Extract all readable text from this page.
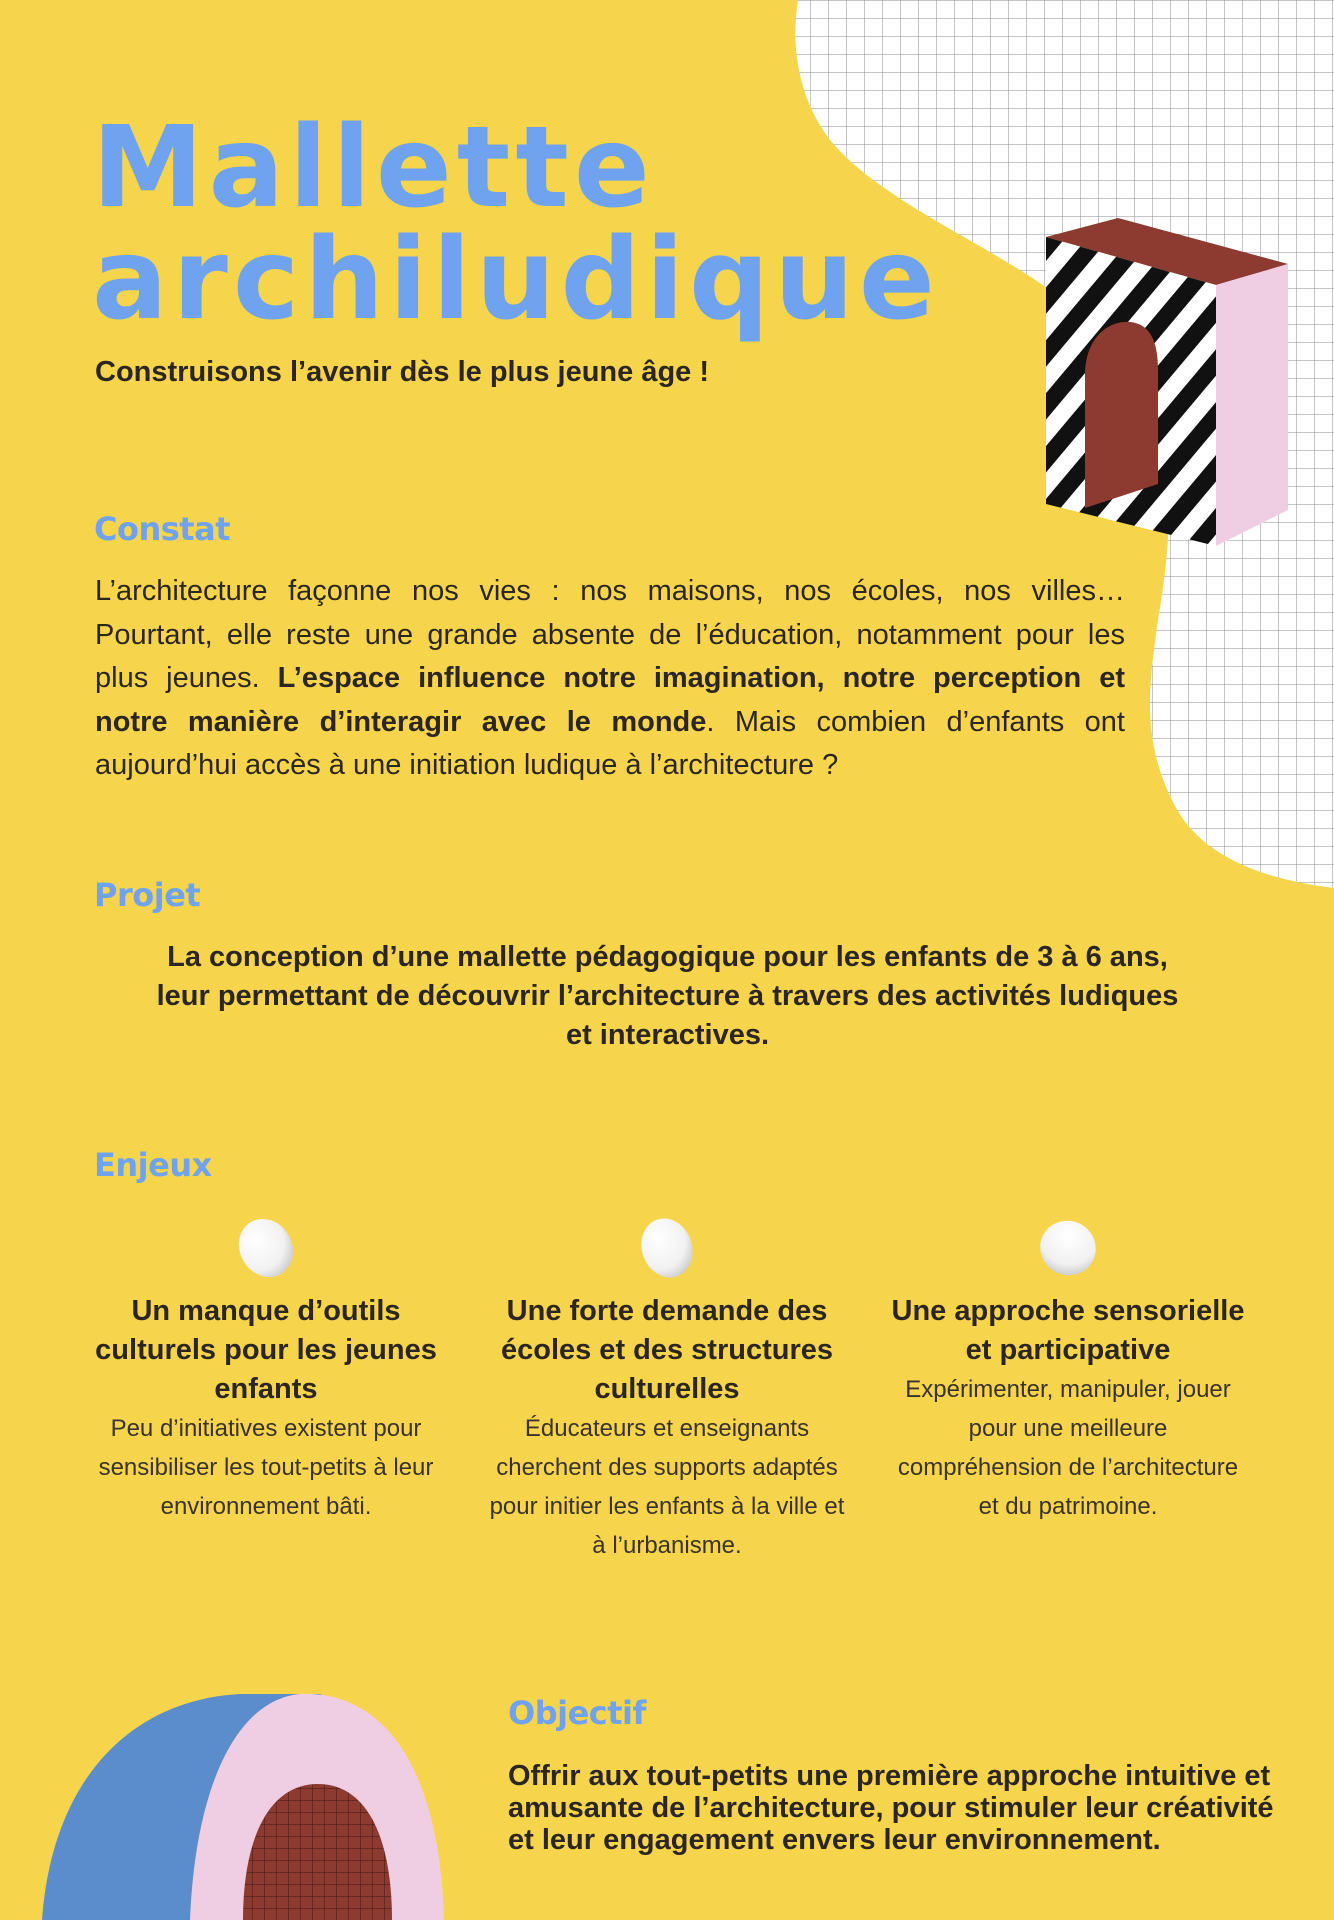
Mallette
archiludique

Construisons l’avenir dès le plus jeune âge !

Constat

L’architecture façonne nos vies : nos maisons, nos écoles, nos villes… Pourtant, elle reste une grande absente de l’éducation, notamment pour les plus jeunes. L’espace influence notre imagination, notre perception et notre manière d’interagir avec le monde. Mais combien d’enfants ont aujourd’hui accès à une initiation ludique à l’architecture ?

Projet

La conception d’une mallette pédagogique pour les enfants de 3 à 6 ans, leur permettant de découvrir l’architecture à travers des activités ludiques et interactives.

Enjeux
Un manque d’outils culturels pour les jeunes enfants

Peu d’initiatives existent pour sensibiliser les tout-petits à leur environnement bâti.

Une forte demande des écoles et des structures culturelles

Éducateurs et enseignants cherchent des supports adaptés pour initier les enfants à la ville et à l’urbanisme.

Une approche sensorielle et participative

Expérimenter, manipuler, jouer pour une meilleure compréhension de l’architecture et du patrimoine.

Objectif

Offrir aux tout-petits une première approche intuitive et amusante de l’architecture, pour stimuler leur créativité et leur engagement envers leur environnement.
